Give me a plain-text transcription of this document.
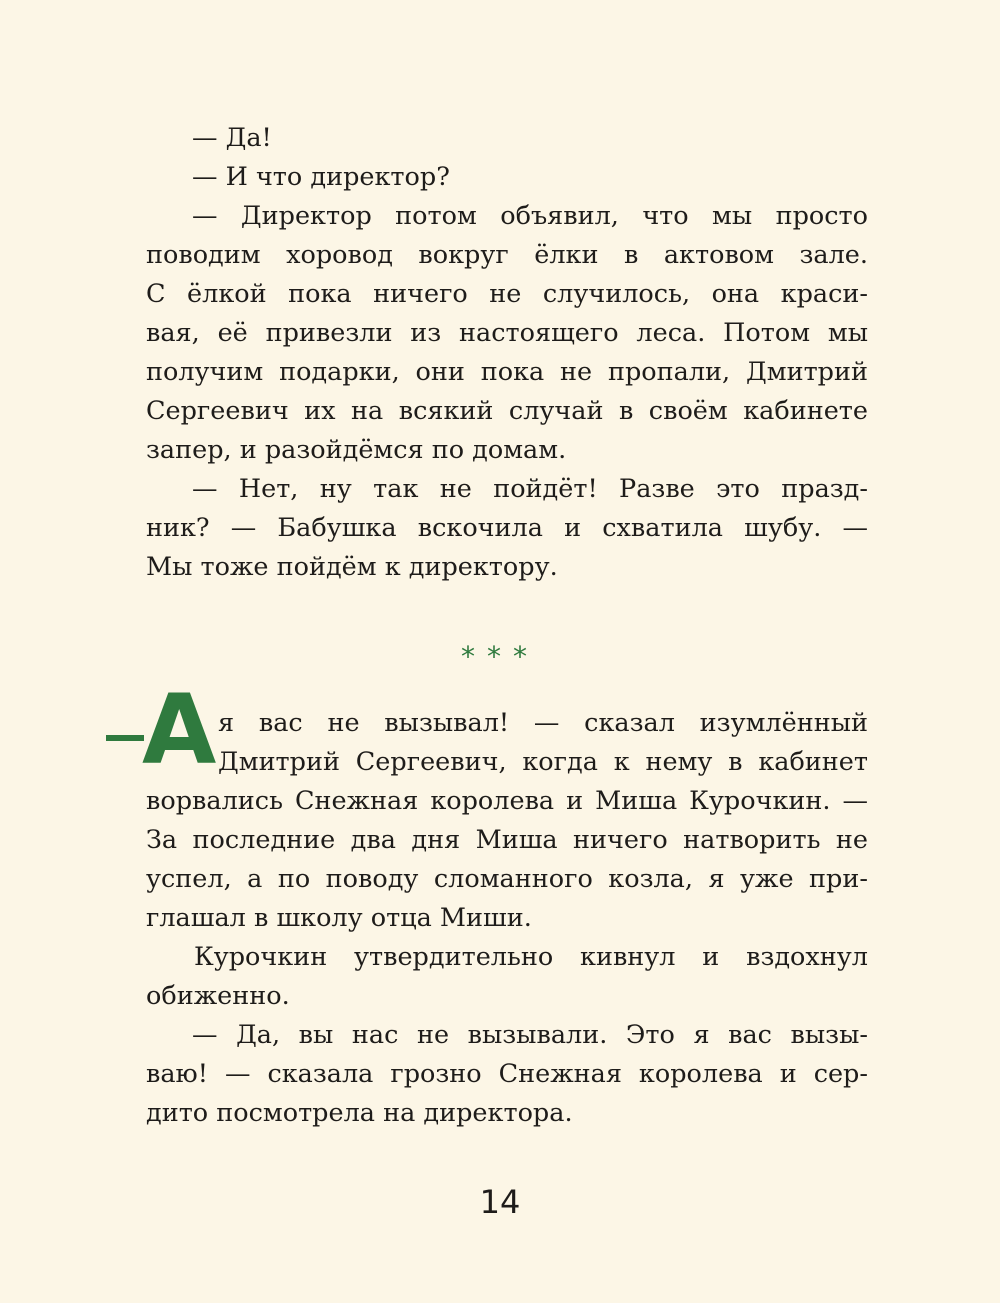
— Да!
— И что директор?
— Директор потом объявил, что мы просто
поводим хоровод вокруг ёлки в актовом зале.
С ёлкой пока ничего не случилось, она краси-
вая, её привезли из настоящего леса. Потом мы
получим подарки, они пока не пропали, Дмитрий
Сергеевич их на всякий случай в своём кабинете
запер, и разойдёмся по домам.
— Нет, ну так не пойдёт! Разве это празд-
ник? — Бабушка вскочила и схватила шубу. —
Мы тоже пойдём к директору.
***
А я вас не вызывал! — сказал изумлённый
Дмитрий Сергеевич, когда к нему в кабинет
ворвались Снежная королева и Миша Курочкин. —
За последние два дня Миша ничего натворить не
успел, а по поводу сломанного козла, я уже при-
глашал в школу отца Миши.
Курочкин утвердительно кивнул и вздохнул
обиженно.
— Да, вы нас не вызывали. Это я вас вызы-
ваю! — сказала грозно Снежная королева и сер-
дито посмотрела на директора.
14
